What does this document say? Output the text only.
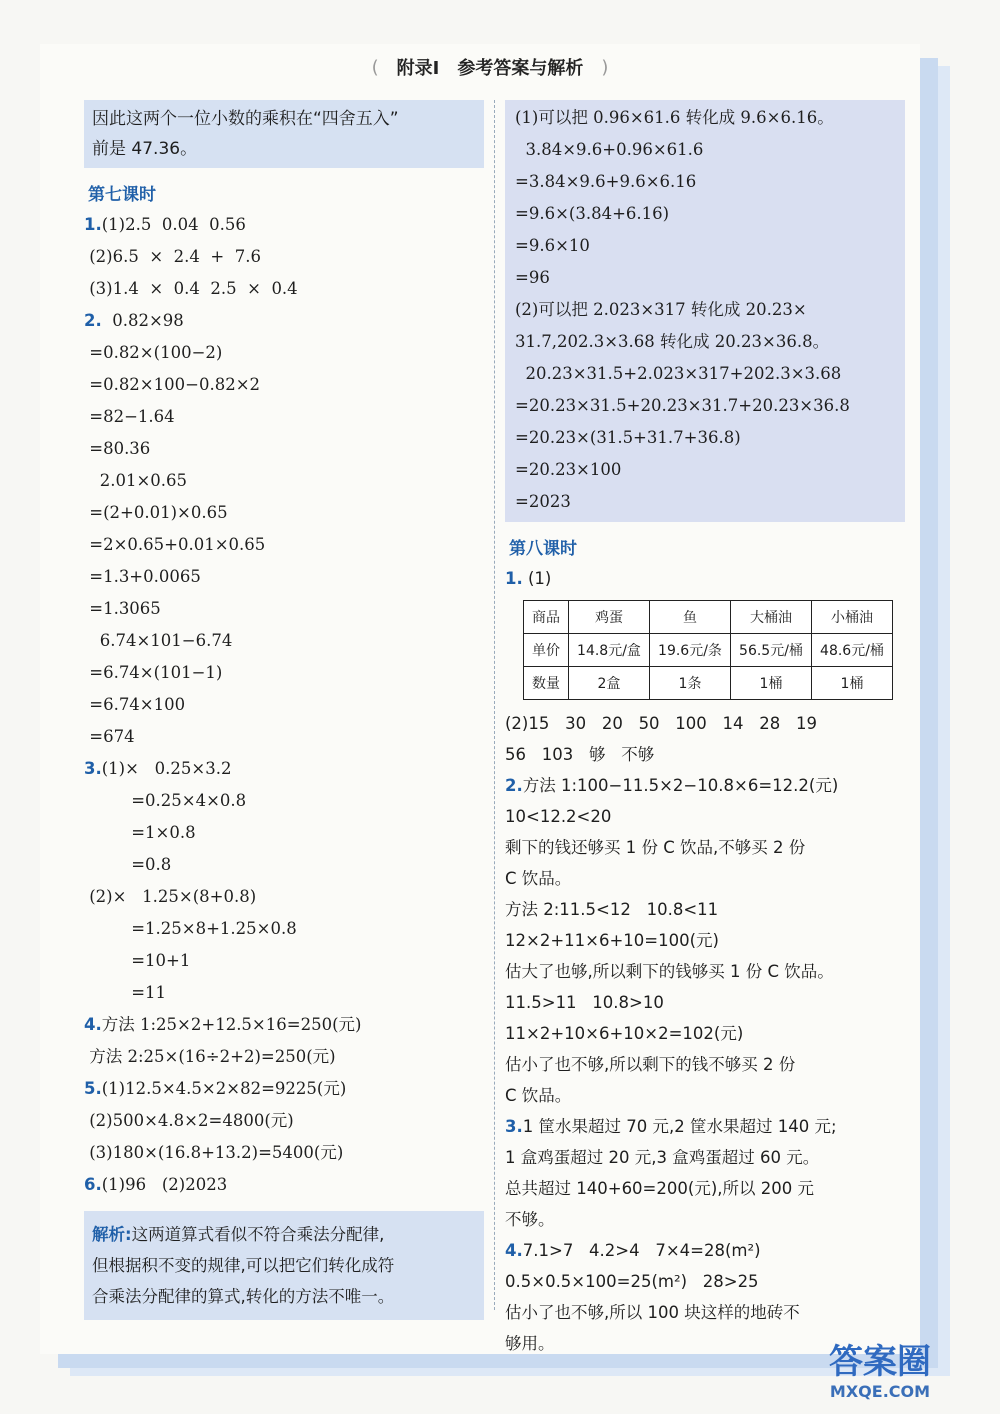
( 附录Ⅰ 参考答案与解析 )
因此这两个一位小数的乘积在“四舍五入”
前是 47.36。
第七课时
1.(1)2.5  0.04  0.56
(2)6.5  ×  2.4  +  7.6
(3)1.4  ×  0.4  2.5  ×  0.4
2.  0.82×98
=0.82×(100−2)
=0.82×100−0.82×2
=82−1.64
=80.36
2.01×0.65
=(2+0.01)×0.65
=2×0.65+0.01×0.65
=1.3+0.0065
=1.3065
6.74×101−6.74
=6.74×(101−1)
=6.74×100
=674
3.(1)×   0.25×3.2
=0.25×4×0.8
=1×0.8
=0.8
(2)×   1.25×(8+0.8)
=1.25×8+1.25×0.8
=10+1
=11
4.方法 1:25×2+12.5×16=250(元)
方法 2:25×(16÷2+2)=250(元)
5.(1)12.5×4.5×2×82=9225(元)
(2)500×4.8×2=4800(元)
(3)180×(16.8+13.2)=5400(元)
6.(1)96   (2)2023
解析:这两道算式看似不符合乘法分配律,
但根据积不变的规律,可以把它们转化成符
合乘法分配律的算式,转化的方法不唯一。
(1)可以把 0.96×61.6 转化成 9.6×6.16。
3.84×9.6+0.96×61.6
=3.84×9.6+9.6×6.16
=9.6×(3.84+6.16)
=9.6×10
=96
(2)可以把 2.023×317 转化成 20.23×
31.7,202.3×3.68 转化成 20.23×36.8。
20.23×31.5+2.023×317+202.3×3.68
=20.23×31.5+20.23×31.7+20.23×36.8
=20.23×(31.5+31.7+36.8)
=20.23×100
=2023
第八课时
1. (1)
商品	鸡蛋	鱼	大桶油	小桶油
单价	14.8元/盒	19.6元/条	56.5元/桶	48.6元/桶
数量	2盒	1条	1桶	1桶
(2)15   30   20   50   100   14   28   19
56   103   够   不够
2.方法 1:100−11.5×2−10.8×6=12.2(元)
10<12.2<20
剩下的钱还够买 1 份 C 饮品,不够买 2 份
C 饮品。
方法 2:11.5<12   10.8<11
12×2+11×6+10=100(元)
估大了也够,所以剩下的钱够买 1 份 C 饮品。
11.5>11   10.8>10
11×2+10×6+10×2=102(元)
估小了也不够,所以剩下的钱不够买 2 份
C 饮品。
3.1 筐水果超过 70 元,2 筐水果超过 140 元;
1 盒鸡蛋超过 20 元,3 盒鸡蛋超过 60 元。
总共超过 140+60=200(元),所以 200 元
不够。
4.7.1>7   4.2>4   7×4=28(m²)
0.5×0.5×100=25(m²)   28>25
估小了也不够,所以 100 块这样的地砖不
够用。	答案圈
MXQE.COM
